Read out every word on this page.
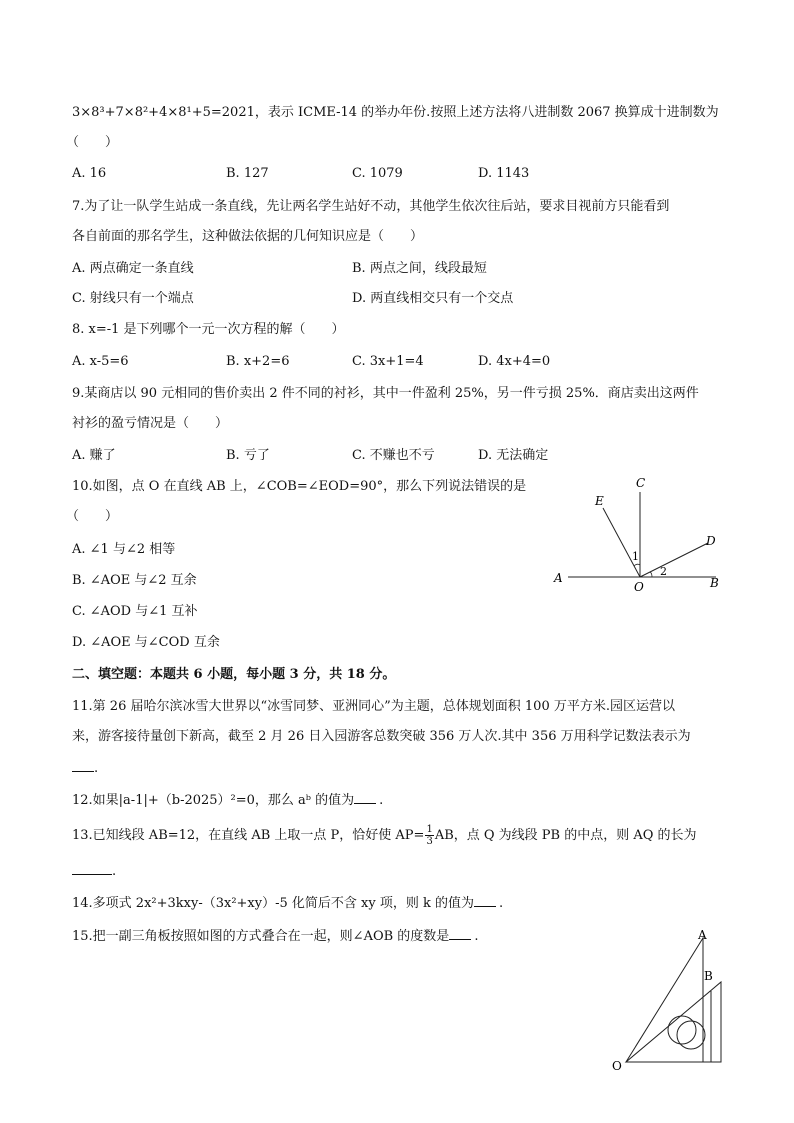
3×8³+7×8²+4×8¹+5=2021，表示 ICME-14 的举办年份.按照上述方法将八进制数 2067 换算成十进制数为
（　　）
A. 16	B. 127	C. 1079	D. 1143
7.为了让一队学生站成一条直线，先让两名学生站好不动，其他学生依次往后站，要求目视前方只能看到
各自前面的那名学生，这种做法依据的几何知识应是（　　）
A. 两点确定一条直线	B. 两点之间，线段最短
C. 射线只有一个端点	D. 两直线相交只有一个交点
8. x=-1 是下列哪个一元一次方程的解（　　）
A. x-5=6	B. x+2=6	C. 3x+1=4	D. 4x+4=0
9.某商店以 90 元相同的售价卖出 2 件不同的衬衫，其中一件盈利 25%，另一件亏损 25%．商店卖出这两件
衬衫的盈亏情况是（　　）
A. 赚了	B. 亏了	C. 不赚也不亏	D. 无法确定
10.如图，点 O 在直线 AB 上，∠COB=∠EOD=90°，那么下列说法错误的是
（　　）
A. ∠1 与∠2 相等
B. ∠AOE 与∠2 互余
C. ∠AOD 与∠1 互补
D. ∠AOE 与∠COD 互余
A	B
C
D
E
O
1
2
二、填空题：本题共 6 小题，每小题 3 分，共 18 分。
11.第 26 届哈尔滨冰雪大世界以“冰雪同梦、亚洲同心”为主题，总体规划面积 100 万平方米.园区运营以
来，游客接待量创下新高，截至 2 月 26 日入园游客总数突破 356 万人次.其中 356 万用科学记数法表示为
.
12.如果|a-1|+（b-2025）²=0，那么 aᵇ 的值为 .
13.已知线段 AB=12，在直线 AB 上取一点 P，恰好使 $AP= \frac{1}{3}$ AB，点 Q 为线段 PB 的中点，则 AQ 的长为
.
14.多项式 2x²+3kxy-（3x²+xy）-5 化简后不含 xy 项，则 k 的值为 .
15.把一副三角板按照如图的方式叠合在一起，则∠AOB 的度数是 .	A
B
O
